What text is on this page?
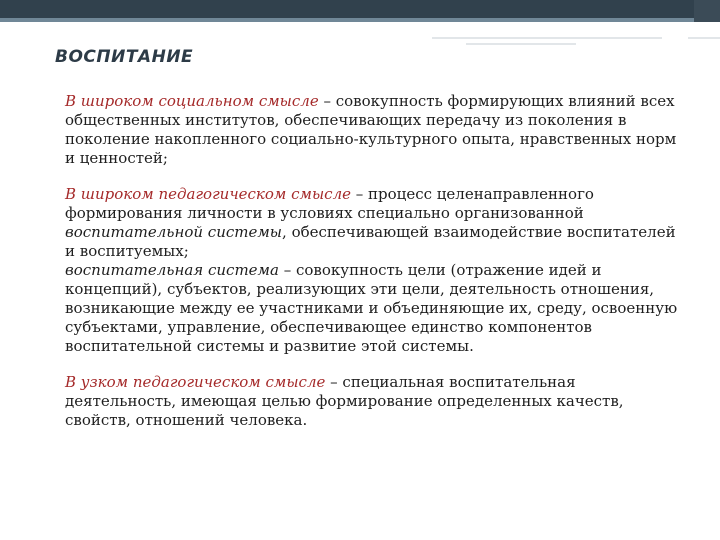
ВОСПИТАНИЕ

В широком социальном смысле – совокупность формирующих влияний всех общественных институтов, обеспечивающих передачу из поколения в поколение накопленного социально-культурного опыта, нравственных норм и ценностей;

В широком педагогическом смысле – процесс целенаправленного формирования личности в условиях специально организованной воспитательной системы, обеспечивающей взаимодействие воспитателей и воспитуемых;

воспитательная система – совокупность цели (отражение идей и концепций), субъектов, реализующих эти цели, деятельность отношения, возникающие между ее участниками и объединяющие их, среду, освоенную субъектами, управление, обеспечивающее единство компонентов воспитательной системы и развитие этой системы.

В узком педагогическом смысле – специальная воспитательная деятельность, имеющая целью формирование определенных качеств, свойств, отношений человека.
